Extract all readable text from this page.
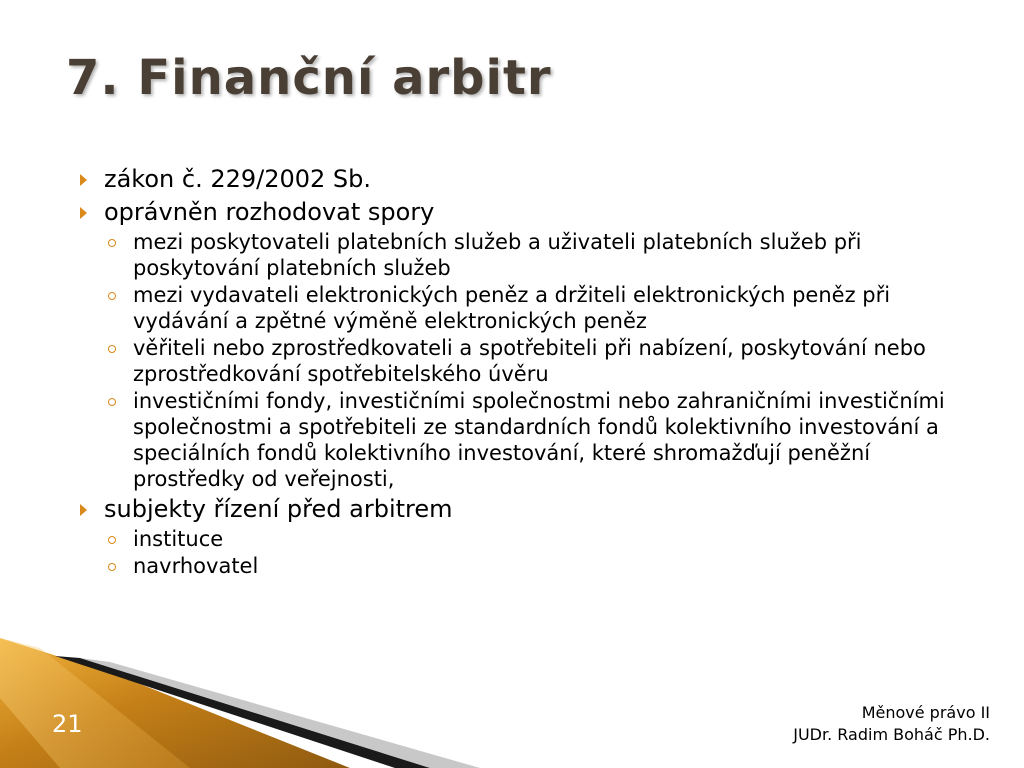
7. Finanční arbitr
zákon č. 229/2002 Sb.
oprávněn rozhodovat spory
mezi poskytovateli platebních služeb a uživateli platebních služeb při poskytování platebních služeb
mezi vydavateli elektronických peněz a držiteli elektronických peněz při vydávání a zpětné výměně elektronických peněz
věřiteli nebo zprostředkovateli a spotřebiteli při nabízení, poskytování nebo zprostředkování spotřebitelského úvěru
investičními fondy, investičními společnostmi nebo zahraničními investičními společnostmi a spotřebiteli ze standardních fondů kolektivního investování a speciálních fondů kolektivního investování, které shromažďují peněžní prostředky od veřejnosti,
subjekty řízení před arbitrem
instituce
navrhovatel
21	Měnové právo II
JUDr. Radim Boháč Ph.D.
